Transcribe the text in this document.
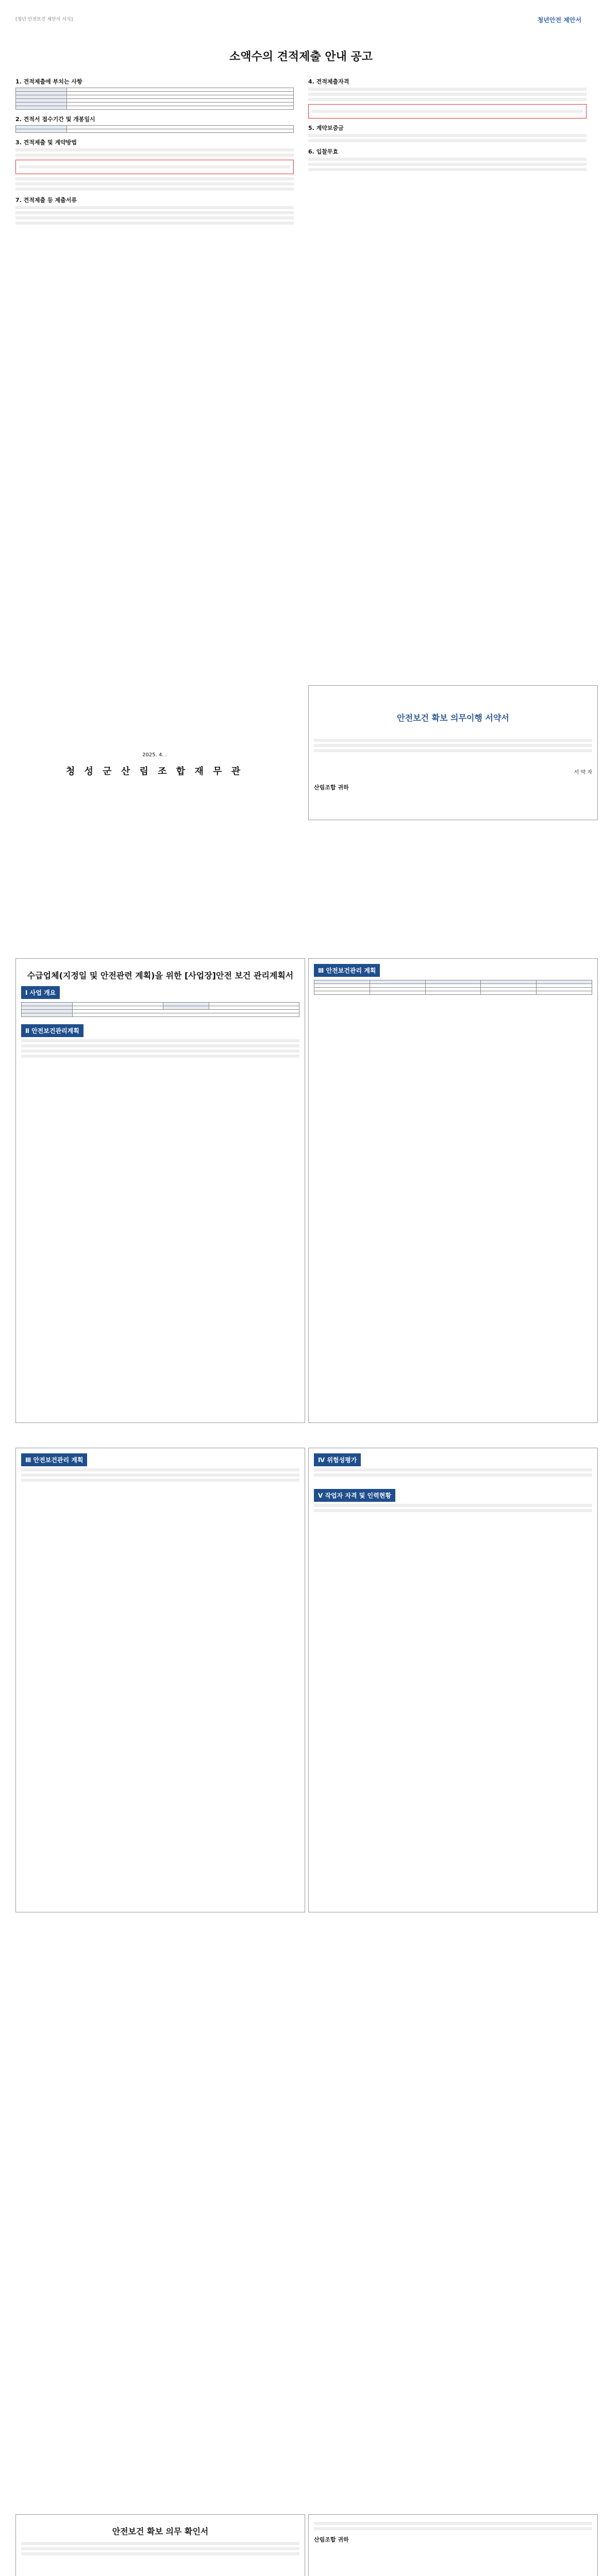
[청년 안전보건 제안서 서식]	청년안전 제안서
소액수의 견적제출 안내 공고
1. 견적제출에 부치는 사항

2. 견적서 접수기간 및 개봉일시

3. 견적제출 및 계약방법
7. 견적제출 등 제출서류
4. 견적제출자격
5. 계약보증금
6. 입찰무효
2025. 4. .
청 성 군 산 림 조 합 재 무 관
안전보건 확보 의무이행 서약서
서 약 자
산림조합 귀하
수급업체(지정일 및 안전관련 계획)을 위한 [사업장]안전 보건 관리계획서
Ⅰ 사업 개요

Ⅱ 안전보건관리계획
Ⅲ 안전보건관리 계획

Ⅲ 안전보건관리 계획	Ⅳ 위험성평가
Ⅴ 작업자 자격 및 인력현황
안전보건 확보 의무 확인서
산림조합 귀하
